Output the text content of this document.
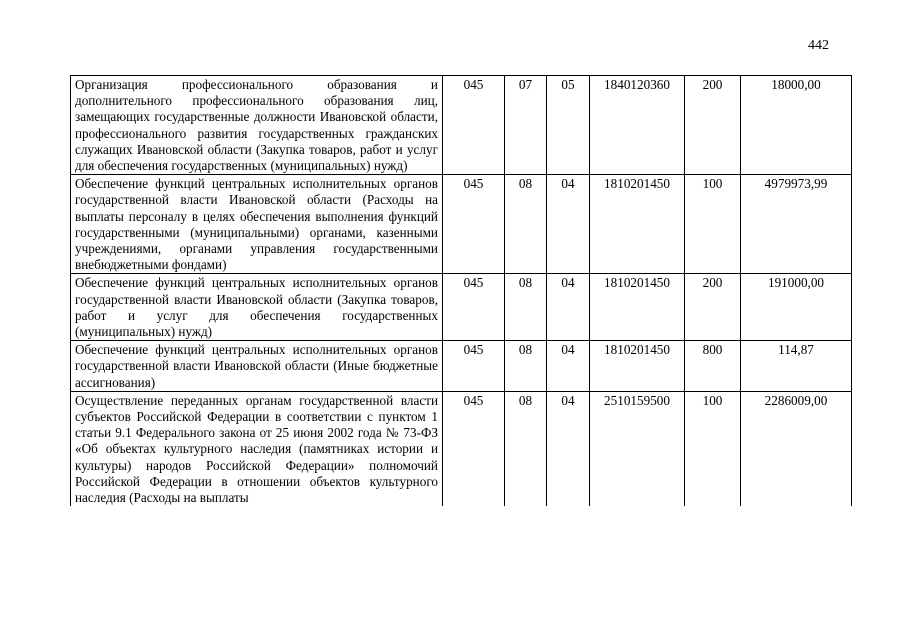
442
Организация профессионального образования и дополнительного профессионального образования лиц, замещающих государственные должности Ивановской области, профессионального развития государственных гражданских служащих Ивановской области (Закупка товаров, работ и услуг для обеспечения государственных (муниципальных) нужд)	045	07	05	1840120360	200	18000,00
Обеспечение функций центральных исполнительных органов государственной власти Ивановской области (Расходы на выплаты персоналу в целях обеспечения выполнения функций государственными (муниципальными) органами, казенными учреждениями, органами управления государственными внебюджетными фондами)	045	08	04	1810201450	100	4979973,99
Обеспечение функций центральных исполнительных органов государственной власти Ивановской области (Закупка товаров, работ и услуг для обеспечения государственных (муниципальных) нужд)	045	08	04	1810201450	200	191000,00
Обеспечение функций центральных исполнительных органов государственной власти Ивановской области (Иные бюджетные ассигнования)	045	08	04	1810201450	800	114,87
Осуществление переданных органам государственной власти субъектов Российской Федерации в соответствии с пунктом 1 статьи 9.1 Федерального закона от 25 июня 2002 года № 73-ФЗ «Об объектах культурного наследия (памятниках истории и культуры) народов Российской Федерации» полномочий Российской Федерации в отношении объектов культурного наследия (Расходы на выплаты	045	08	04	2510159500	100	2286009,00
